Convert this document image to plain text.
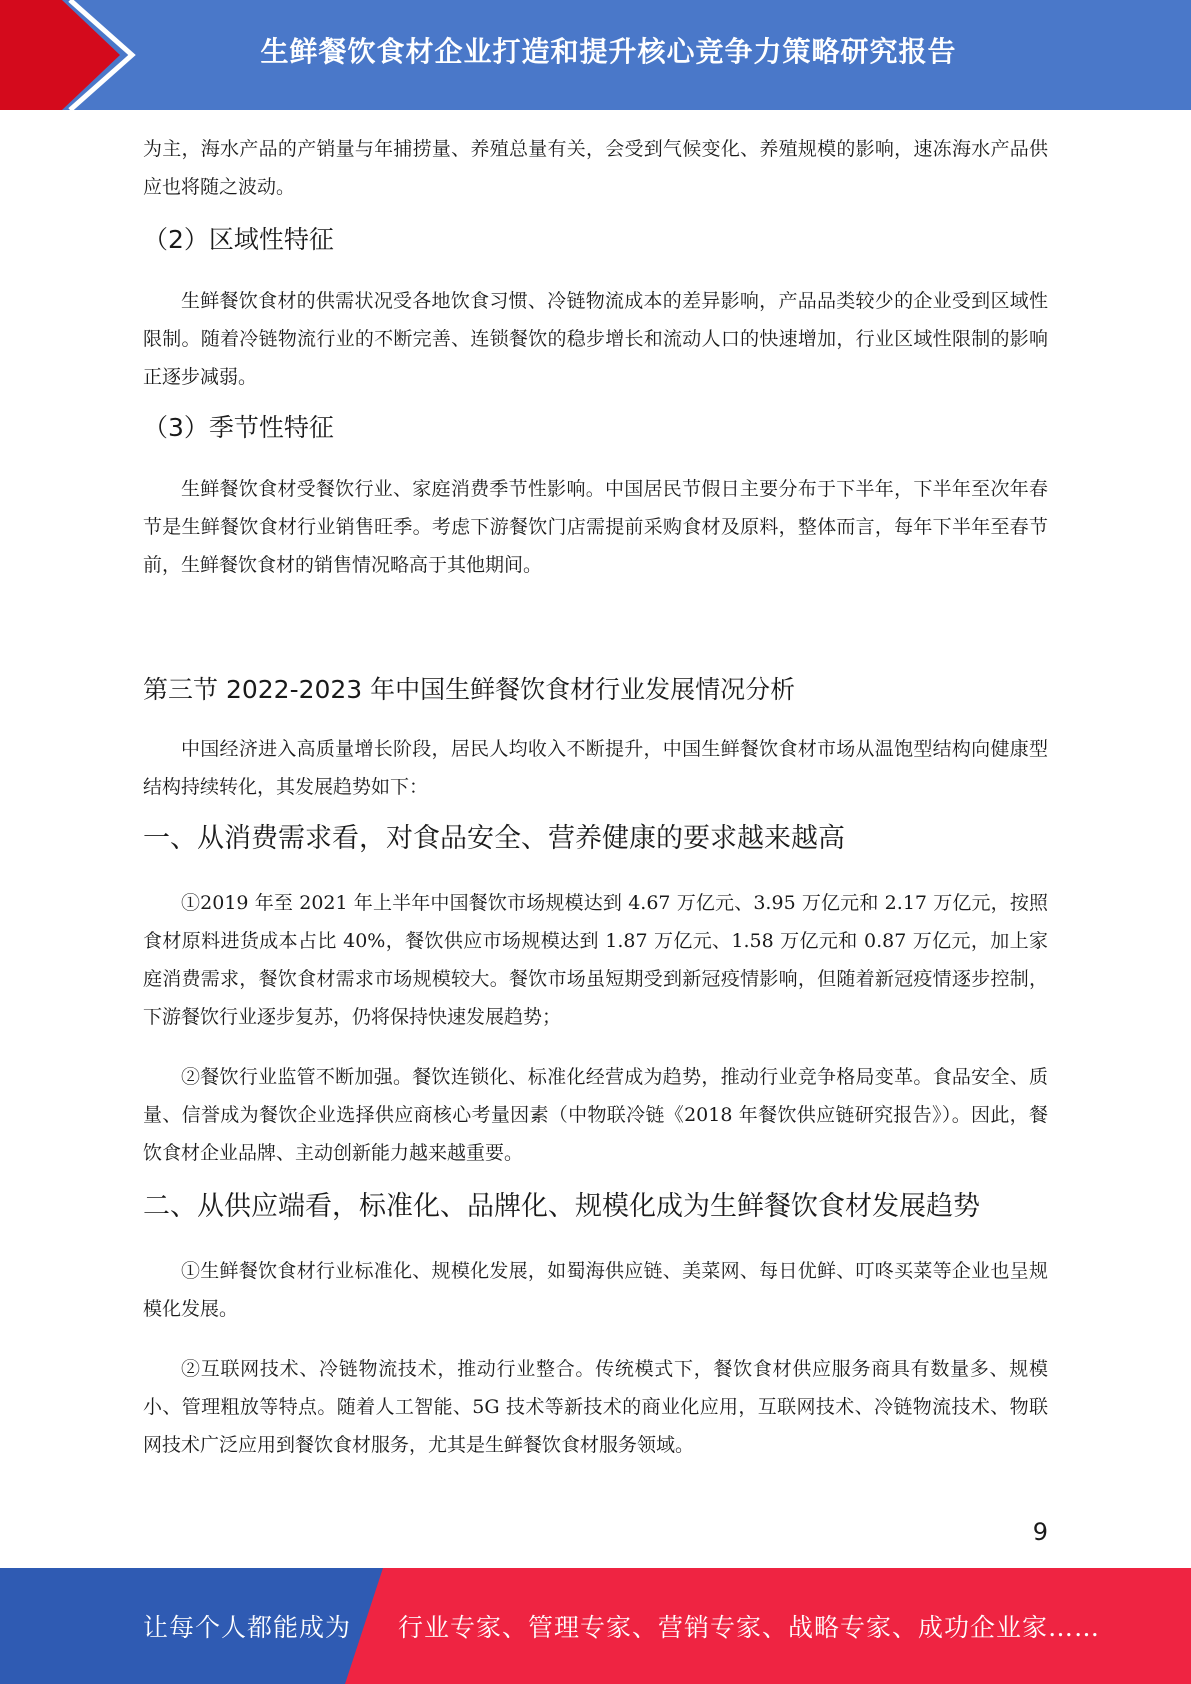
生鲜餐饮食材企业打造和提升核心竞争力策略研究报告

为主，海水产品的产销量与年捕捞量、养殖总量有关，会受到气候变化、养殖规模的影响，速冻海水产品供应也将随之波动。

（2）区域性特征

生鲜餐饮食材的供需状况受各地饮食习惯、冷链物流成本的差异影响，产品品类较少的企业受到区域性限制。随着冷链物流行业的不断完善、连锁餐饮的稳步增长和流动人口的快速增加，行业区域性限制的影响正逐步减弱。

（3）季节性特征

生鲜餐饮食材受餐饮行业、家庭消费季节性影响。中国居民节假日主要分布于下半年，下半年至次年春节是生鲜餐饮食材行业销售旺季。考虑下游餐饮门店需提前采购食材及原料，整体而言，每年下半年至春节前，生鲜餐饮食材的销售情况略高于其他期间。

第三节 2022-2023 年中国生鲜餐饮食材行业发展情况分析

中国经济进入高质量增长阶段，居民人均收入不断提升，中国生鲜餐饮食材市场从温饱型结构向健康型结构持续转化，其发展趋势如下：

一、从消费需求看，对食品安全、营养健康的要求越来越高

①2019 年至 2021 年上半年中国餐饮市场规模达到 4.67 万亿元、3.95 万亿元和 2.17 万亿元，按照食材原料进货成本占比 40%，餐饮供应市场规模达到 1.87 万亿元、1.58 万亿元和 0.87 万亿元，加上家庭消费需求，餐饮食材需求市场规模较大。餐饮市场虽短期受到新冠疫情影响，但随着新冠疫情逐步控制，下游餐饮行业逐步复苏，仍将保持快速发展趋势；

②餐饮行业监管不断加强。餐饮连锁化、标准化经营成为趋势，推动行业竞争格局变革。食品安全、质量、信誉成为餐饮企业选择供应商核心考量因素（中物联冷链《2018 年餐饮供应链研究报告》）。因此，餐饮食材企业品牌、主动创新能力越来越重要。

二、从供应端看，标准化、品牌化、规模化成为生鲜餐饮食材发展趋势

①生鲜餐饮食材行业标准化、规模化发展，如蜀海供应链、美菜网、每日优鲜、叮咚买菜等企业也呈规模化发展。

②互联网技术、冷链物流技术，推动行业整合。传统模式下，餐饮食材供应服务商具有数量多、规模小、管理粗放等特点。随着人工智能、5G 技术等新技术的商业化应用，互联网技术、冷链物流技术、物联网技术广泛应用到餐饮食材服务，尤其是生鲜餐饮食材服务领域。

9
让每个人都能成为 行业专家、管理专家、营销专家、战略专家、成功企业家……
